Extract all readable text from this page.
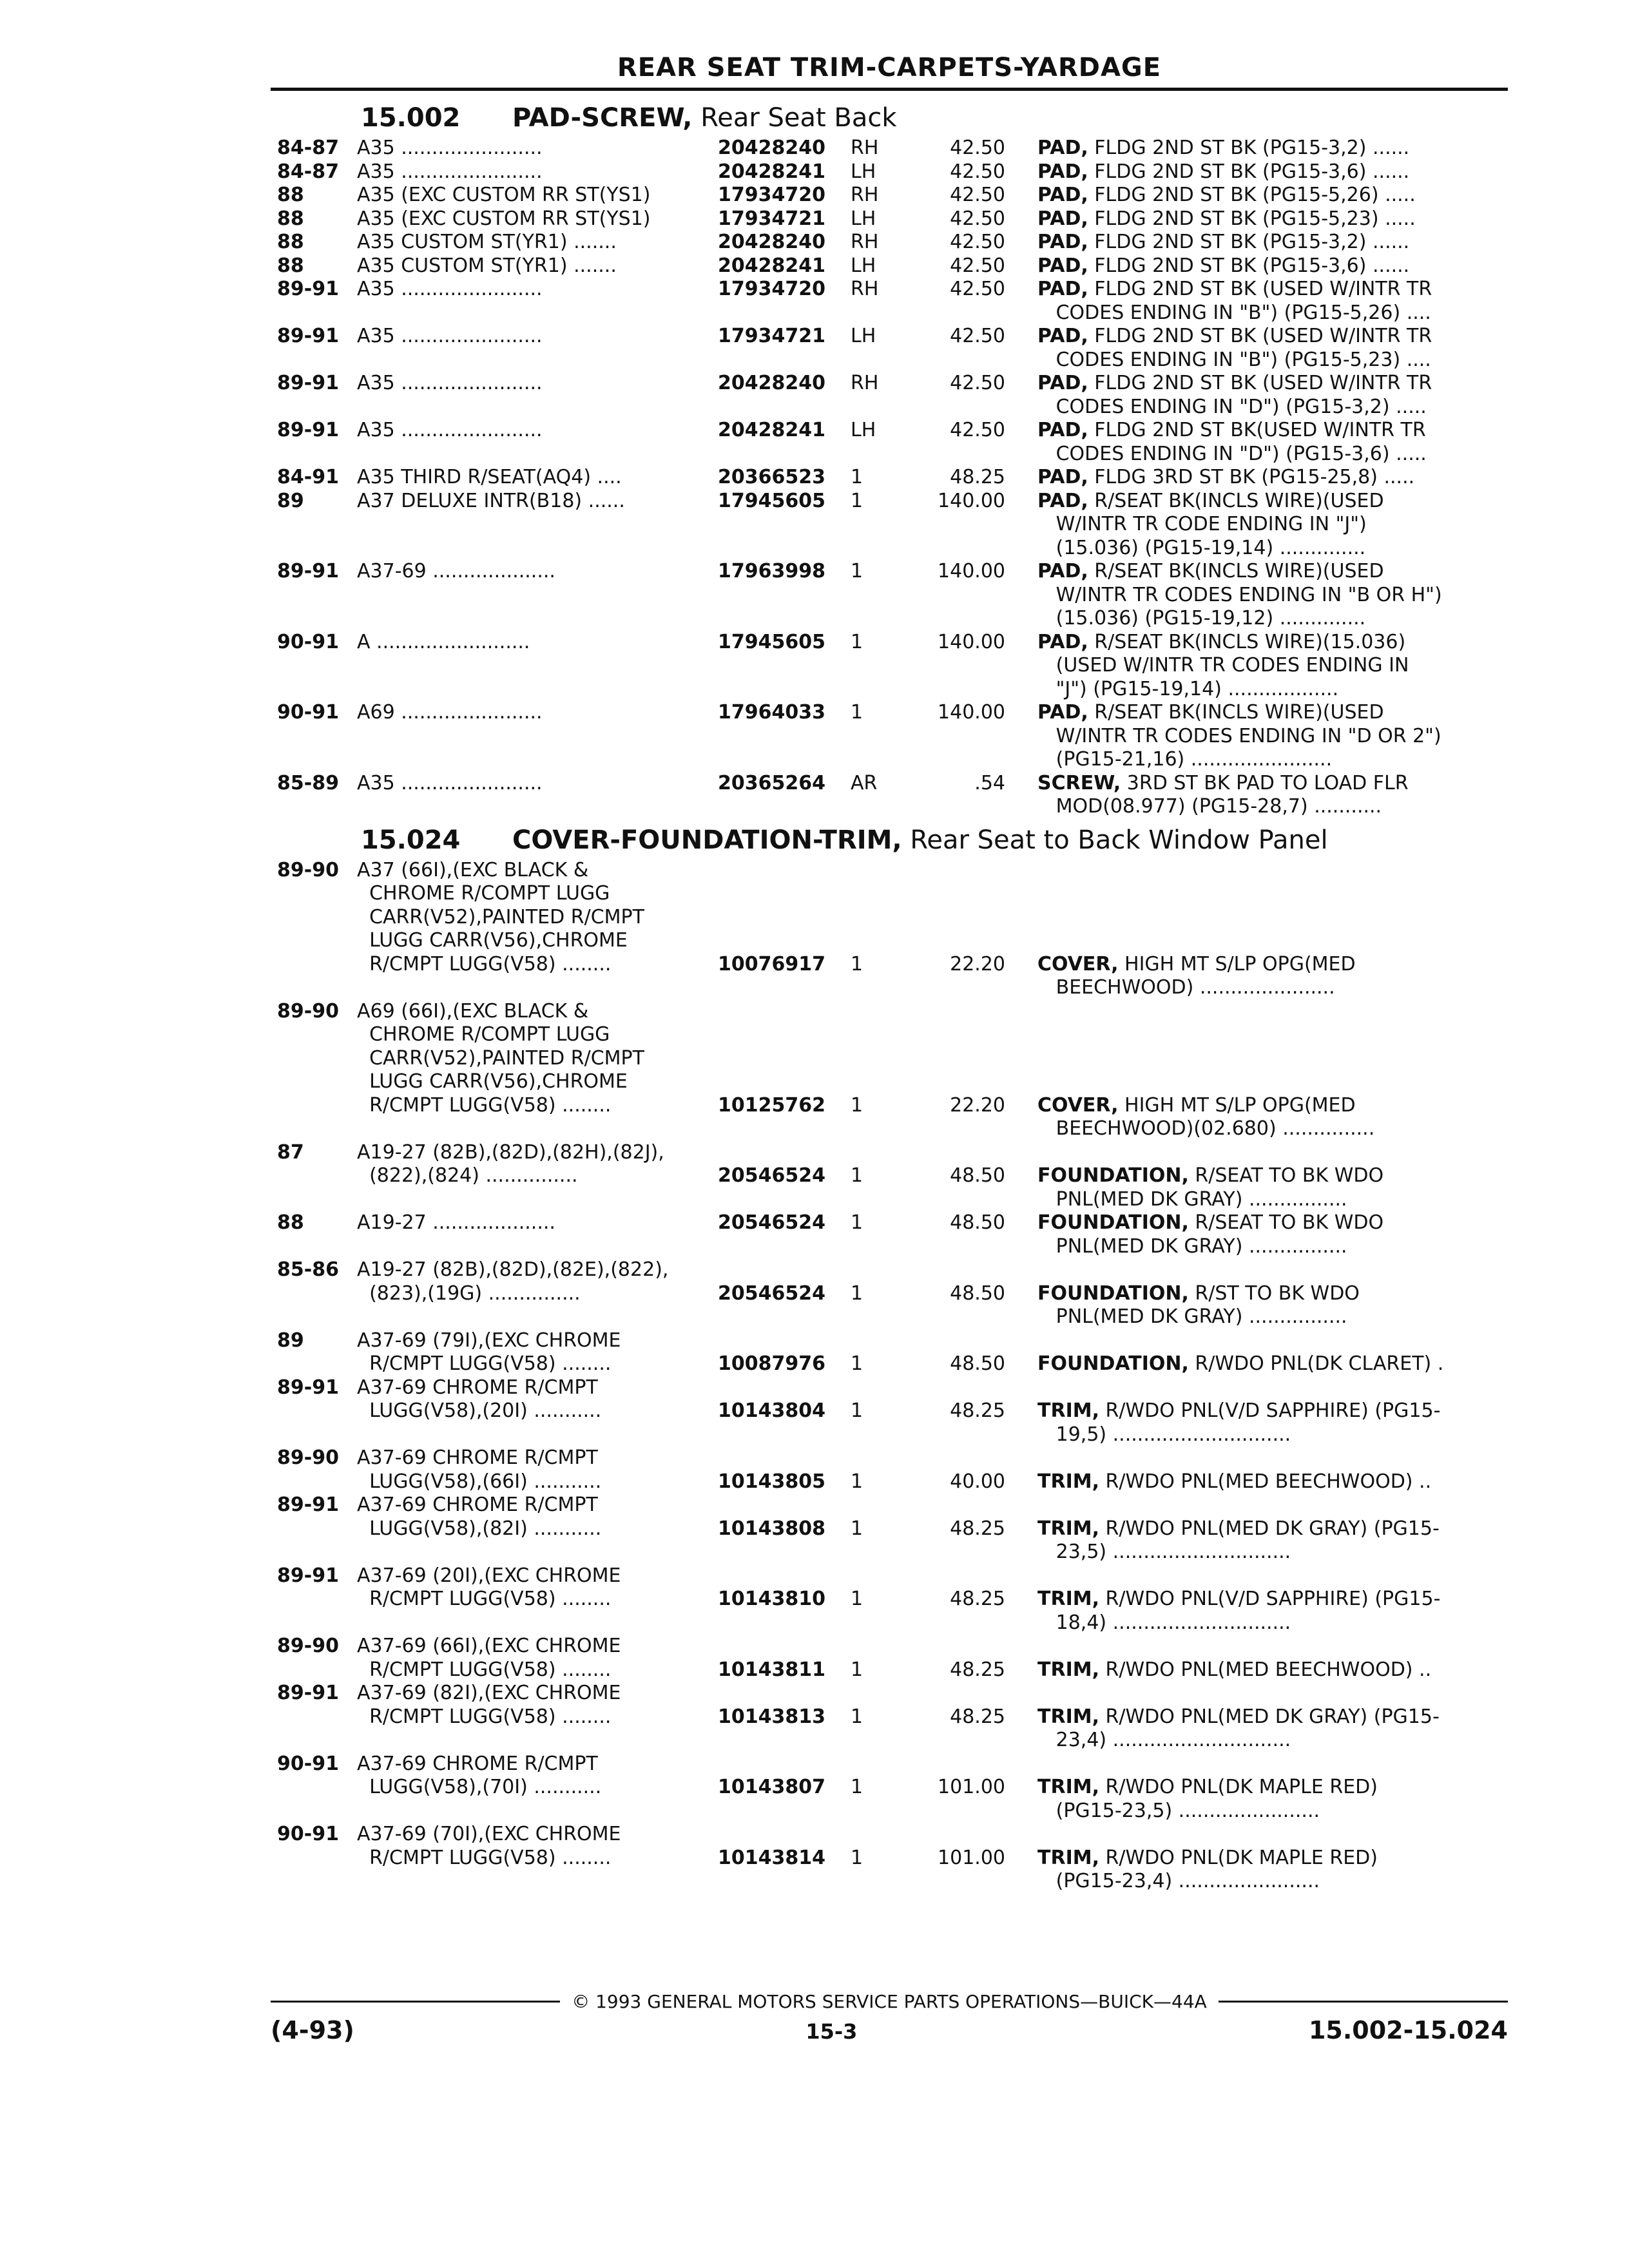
REAR SEAT TRIM-CARPETS-YARDAGE
15.002	PAD-SCREW, Rear Seat Back
84-87 A35 .......................	20428240	RH	42.50 PAD, FLDG 2ND ST BK (PG15-3,2) ......
84-87 A35 .......................	20428241	LH	42.50 PAD, FLDG 2ND ST BK (PG15-3,6) ......
88	A35 (EXC CUSTOM RR ST(YS1)	17934720	RH	42.50 PAD, FLDG 2ND ST BK (PG15-5,26) .....
88	A35 (EXC CUSTOM RR ST(YS1)	17934721	LH	42.50 PAD, FLDG 2ND ST BK (PG15-5,23) .....
88	A35 CUSTOM ST(YR1) .......	20428240	RH	42.50 PAD, FLDG 2ND ST BK (PG15-3,2) ......
88	A35 CUSTOM ST(YR1) .......	20428241	LH	42.50 PAD, FLDG 2ND ST BK (PG15-3,6) ......
89-91 A35 .......................	17934720	RH	42.50 PAD, FLDG 2ND ST BK (USED W/INTR TR
CODES ENDING IN "B") (PG15-5,26) ....
89-91 A35 .......................	17934721	LH	42.50 PAD, FLDG 2ND ST BK (USED W/INTR TR
CODES ENDING IN "B") (PG15-5,23) ....
89-91 A35 .......................	20428240	RH	42.50 PAD, FLDG 2ND ST BK (USED W/INTR TR
CODES ENDING IN "D") (PG15-3,2) .....
89-91 A35 .......................	20428241	LH	42.50 PAD, FLDG 2ND ST BK(USED W/INTR TR
CODES ENDING IN "D") (PG15-3,6) .....
84-91 A35 THIRD R/SEAT(AQ4) ....	20366523	1	48.25 PAD, FLDG 3RD ST BK (PG15-25,8) .....
89	A37 DELUXE INTR(B18) ......	17945605	1	140.00 PAD, R/SEAT BK(INCLS WIRE)(USED
W/INTR TR CODE ENDING IN "J")
(15.036) (PG15-19,14) ..............
89-91 A37-69 ....................	17963998	1	140.00 PAD, R/SEAT BK(INCLS WIRE)(USED
W/INTR TR CODES ENDING IN "B OR H")
(15.036) (PG15-19,12) ..............
90-91 A .........................	17945605	1	140.00 PAD, R/SEAT BK(INCLS WIRE)(15.036)
(USED W/INTR TR CODES ENDING IN
"J") (PG15-19,14) ..................
90-91 A69 .......................	17964033	1	140.00 PAD, R/SEAT BK(INCLS WIRE)(USED
W/INTR TR CODES ENDING IN "D OR 2")
(PG15-21,16) .......................
85-89 A35 .......................	20365264	AR	.54 SCREW, 3RD ST BK PAD TO LOAD FLR
MOD(08.977) (PG15-28,7) ...........
15.024	COVER-FOUNDATION-TRIM, Rear Seat to Back Window Panel
89-90 A37 (66I),(EXC BLACK &
CHROME R/COMPT LUGG
CARR(V52),PAINTED R/CMPT
LUGG CARR(V56),CHROME
R/CMPT LUGG(V58) ........	10076917	1	22.20 COVER, HIGH MT S/LP OPG(MED
BEECHWOOD) ......................
89-90 A69 (66I),(EXC BLACK &
CHROME R/COMPT LUGG
CARR(V52),PAINTED R/CMPT
LUGG CARR(V56),CHROME
R/CMPT LUGG(V58) ........	10125762	1	22.20 COVER, HIGH MT S/LP OPG(MED
BEECHWOOD)(02.680) ...............
87	A19-27 (82B),(82D),(82H),(82J),
(822),(824) ...............	20546524	1	48.50 FOUNDATION, R/SEAT TO BK WDO
PNL(MED DK GRAY) ................
88	A19-27 ....................	20546524	1	48.50 FOUNDATION, R/SEAT TO BK WDO
PNL(MED DK GRAY) ................
85-86 A19-27 (82B),(82D),(82E),(822),
(823),(19G) ...............	20546524	1	48.50 FOUNDATION, R/ST TO BK WDO
PNL(MED DK GRAY) ................
89	A37-69 (79I),(EXC CHROME
R/CMPT LUGG(V58) ........	10087976	1	48.50 FOUNDATION, R/WDO PNL(DK CLARET) .
89-91 A37-69 CHROME R/CMPT
LUGG(V58),(20I) ...........	10143804	1	48.25 TRIM, R/WDO PNL(V/D SAPPHIRE) (PG15-
19,5) .............................
89-90 A37-69 CHROME R/CMPT
LUGG(V58),(66I) ...........	10143805	1	40.00 TRIM, R/WDO PNL(MED BEECHWOOD) ..
89-91 A37-69 CHROME R/CMPT
LUGG(V58),(82I) ...........	10143808	1	48.25 TRIM, R/WDO PNL(MED DK GRAY) (PG15-
23,5) .............................
89-91 A37-69 (20I),(EXC CHROME
R/CMPT LUGG(V58) ........	10143810	1	48.25 TRIM, R/WDO PNL(V/D SAPPHIRE) (PG15-
18,4) .............................
89-90 A37-69 (66I),(EXC CHROME
R/CMPT LUGG(V58) ........	10143811	1	48.25 TRIM, R/WDO PNL(MED BEECHWOOD) ..
89-91 A37-69 (82I),(EXC CHROME
R/CMPT LUGG(V58) ........	10143813	1	48.25 TRIM, R/WDO PNL(MED DK GRAY) (PG15-
23,4) .............................
90-91 A37-69 CHROME R/CMPT
LUGG(V58),(70I) ...........	10143807	1	101.00 TRIM, R/WDO PNL(DK MAPLE RED)
(PG15-23,5) .......................
90-91 A37-69 (70I),(EXC CHROME
R/CMPT LUGG(V58) ........	10143814	1	101.00 TRIM, R/WDO PNL(DK MAPLE RED)
(PG15-23,4) .......................
© 1993 GENERAL MOTORS SERVICE PARTS OPERATIONS—BUICK—44A
(4-93)	15-3	15.002-15.024
